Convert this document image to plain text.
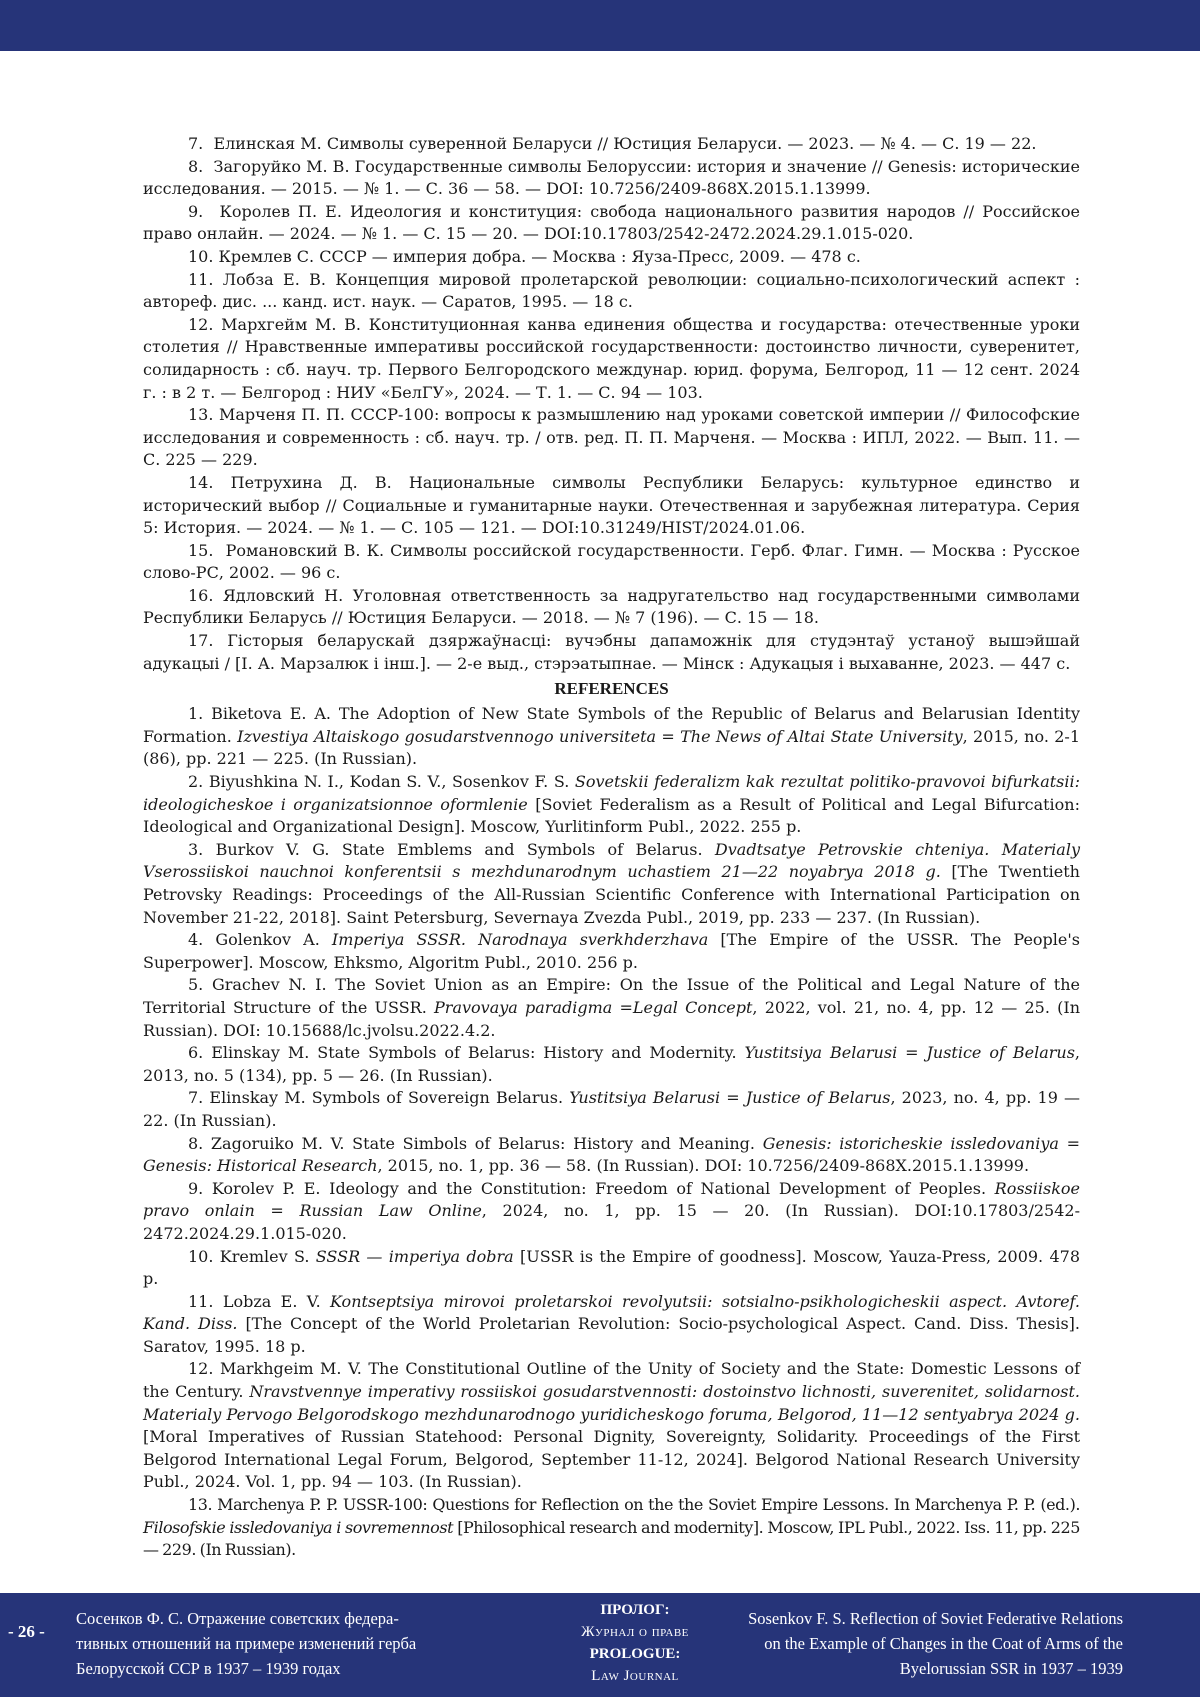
7.  Елинская М. Символы суверенной Беларуси // Юстиция Беларуси. — 2023. — № 4. — С. 19 — 22.

8.  Загоруйко М. В. Государственные символы Белоруссии: история и значение // Genesis: исторические исследования. — 2015. — № 1. — С. 36 — 58. — DOI: 10.7256/2409-868X.2015.1.13999.

9.  Королев П. Е. Идеология и конституция: свобода национального развития народов // Российское право онлайн. — 2024. — № 1. — С. 15 — 20. — DOI:10.17803/2542-2472.2024.29.1.015-020.

10. Кремлев С. СССР — империя добра. — Москва : Яуза-Пресс, 2009. — 478 с.

11. Лобза Е. В. Концепция мировой пролетарской революции: социально-психологический аспект : автореф. дис. ... канд. ист. наук. — Саратов, 1995. — 18 с.

12. Мархгейм М. В. Конституционная канва единения общества и государства: отечественные уроки столетия // Нравственные императивы российской государственности: достоинство личности, суверенитет, солидарность : сб. науч. тр. Первого Белгородского междунар. юрид. форума, Белгород, 11 — 12 сент. 2024 г. : в 2 т. — Белгород : НИУ «БелГУ», 2024. — Т. 1. — С. 94 — 103.

13. Марченя П. П. СССР-100: вопросы к размышлению над уроками советской империи // Философские исследования и современность : сб. науч. тр. / отв. ред. П. П. Марченя. — Москва : ИПЛ, 2022. — Вып. 11. — С. 225 — 229.

14. Петрухина Д. В. Национальные символы Республики Беларусь: культурное единство и исторический выбор // Социальные и гуманитарные науки. Отечественная и зарубежная литература. Серия 5: История. — 2024. — № 1. — С. 105 — 121. — DOI:10.31249/HIST/2024.01.06.

15.  Романовский В. К. Символы российской государственности. Герб. Флаг. Гимн. — Москва : Русское слово-РС, 2002. — 96 с.

16. Ядловский Н. Уголовная ответственность за надругательство над государственными символами Республики Беларусь // Юстиция Беларуси. — 2018. — № 7 (196). — С. 15 — 18.

17. Гісторыя беларускай дзяржаўнасці: вучэбны дапаможнік для студэнтаў устаноў вышэйшай адукацыі / [І. А. Марзалюк і інш.]. — 2-е выд., стэрэатыпнае. — Мінск : Адукацыя і выхаванне, 2023. — 447 с.

REFERENCES

1. Biketova E. A. The Adoption of New State Symbols of the Republic of Belarus and Belarusian Identity Formation. Izvestiya Altaiskogo gosudarstvennogo universiteta = The News of Altai State University, 2015, no. 2-1 (86), pp. 221 — 225. (In Russian).

2. Biyushkina N. I., Kodan S. V., Sosenkov F. S. Sovetskii federalizm kak rezultat politiko-pravovoi bifurkatsii: ideologicheskoe i organizatsionnoe oformlenie [Soviet Federalism as a Result of Political and Legal Bifurcation: Ideological and Organizational Design]. Moscow, Yurlitinform Publ., 2022. 255 p.

3. Burkov V. G. State Emblems and Symbols of Belarus. Dvadtsatye Petrovskie chteniya. Materialy Vserossiiskoi nauchnoi konferentsii s mezhdunarodnym uchastiem 21—22 noyabrya 2018 g. [The Twentieth Petrovsky Readings: Proceedings of the All-Russian Scientific Conference with International Participation on November 21-22, 2018]. Saint Petersburg, Severnaya Zvezda Publ., 2019, pp. 233 — 237. (In Russian).

4. Golenkov A. Imperiya SSSR. Narodnaya sverkhderzhava [The Empire of the USSR. The People's Superpower]. Moscow, Ehksmo, Algoritm Publ., 2010. 256 p.

5. Grachev N. I. The Soviet Union as an Empire: On the Issue of the Political and Legal Nature of the Territorial Structure of the USSR. Pravovaya paradigma =Legal Concept, 2022, vol. 21, no. 4, pp. 12 — 25. (In Russian). DOI: 10.15688/lc.jvolsu.2022.4.2.

6. Elinskay M. State Symbols of Belarus: History and Modernity. Yustitsiya Belarusi = Justice of Belarus, 2013, no. 5 (134), pp. 5 — 26. (In Russian).

7. Elinskay M. Symbols of Sovereign Belarus. Yustitsiya Belarusi = Justice of Belarus, 2023, no. 4, pp. 19 — 22. (In Russian).

8. Zagoruiko M. V. State Simbols of Belarus: History and Meaning. Genesis: istoricheskie issledovaniya = Genesis: Historical Research, 2015, no. 1, pp. 36 — 58. (In Russian). DOI: 10.7256/2409-868X.2015.1.13999.

9. Korolev P. E. Ideology and the Constitution: Freedom of National Development of Peoples. Rossiiskoe pravo onlain = Russian Law Online, 2024, no. 1, pp. 15 — 20. (In Russian). DOI:10.17803/2542-2472.2024.29.1.015-020.

10. Kremlev S. SSSR — imperiya dobra [USSR is the Empire of goodness]. Moscow, Yauza-Press, 2009. 478 p.

11. Lobza E. V. Kontseptsiya mirovoi proletarskoi revolyutsii: sotsialno-psikhologicheskii aspect. Avtoref. Kand. Diss. [The Concept of the World Proletarian Revolution: Socio-psychological Aspect. Cand. Diss. Thesis]. Saratov, 1995. 18 p.

12. Markhgeim M. V. The Constitutional Outline of the Unity of Society and the State: Domestic Lessons of the Century. Nravstvennye imperativy rossiiskoi gosudarstvennosti: dostoinstvo lichnosti, suverenitet, solidarnost. Materialy Pervogo Belgorodskogo mezhdunarodnogo yuridicheskogo foruma, Belgorod, 11—12 sentyabrya 2024 g. [Moral Imperatives of Russian Statehood: Personal Dignity, Sovereignty, Solidarity. Proceedings of the First Belgorod International Legal Forum, Belgorod, September 11-12, 2024]. Belgorod National Research University Publ., 2024. Vol. 1, pp. 94 — 103. (In Russian).

13. Marchenya P. P. USSR-100: Questions for Reflection on the the Soviet Empire Lessons. In Marchenya P. P. (ed.). Filosofskie issledovaniya i sovremennost [Philosophical research and modernity]. Moscow, IPL Publ., 2022. Iss. 11, pp. 225 — 229. (In Russian).

- 26 -
Сосенков Ф. С. Отражение советских федера-
тивных отношений на примере изменений герба
Белорусской ССР в 1937 – 1939 годах
ПРОЛОГ:
Журнал о праве
PROLOGUE:
Law Journal
Sosenkov F. S. Reflection of Soviet Federative Relations
on the Example of Changes in the Coat of Arms of the
Byelorussian SSR in 1937 – 1939
